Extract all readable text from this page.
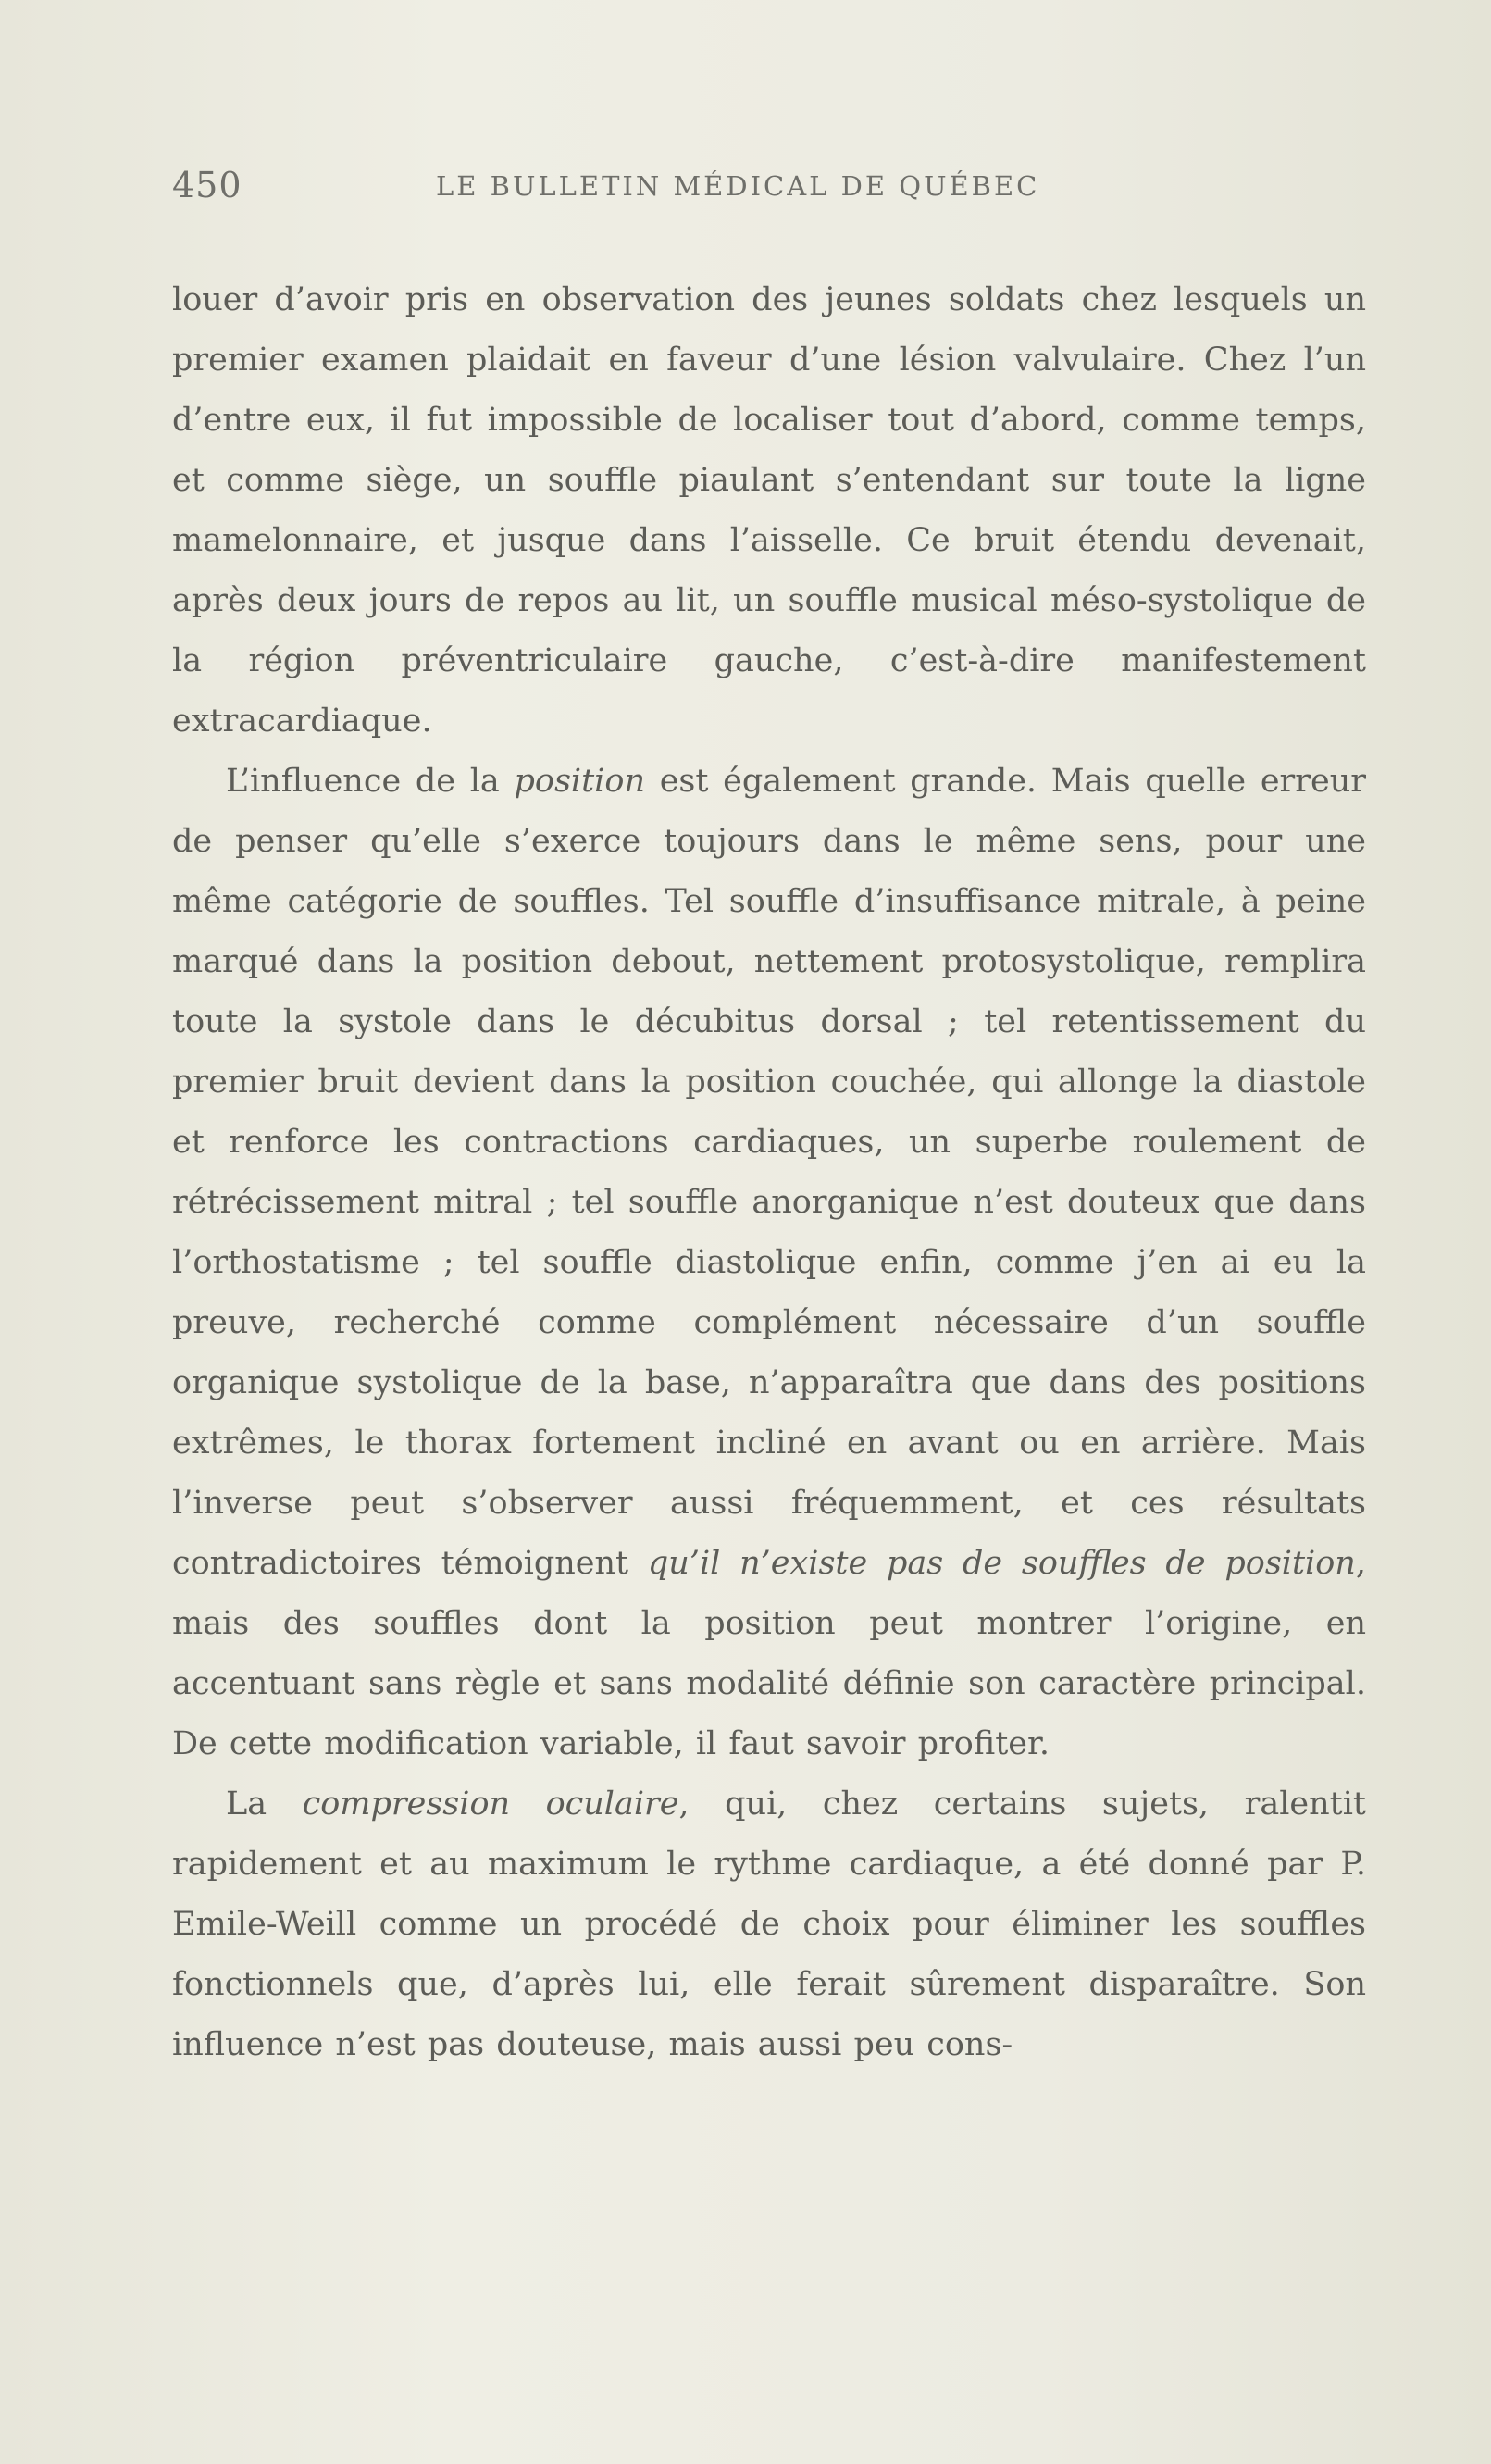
450	LE BULLETIN MÉDICAL DE QUÉBEC

louer d’avoir pris en observation des jeunes soldats chez lesquels un premier examen plaidait en faveur d’une lésion valvulaire. Chez l’un d’entre eux, il fut impossible de localiser tout d’abord, comme temps, et comme siège, un souffle piaulant s’entendant sur toute la ligne mamelonnaire, et jusque dans l’aisselle. Ce bruit étendu devenait, après deux jours de repos au lit, un souffle musical méso-systolique de la région préventriculaire gauche, c’est-à-dire manifestement extracardiaque.

L’influence de la position est également grande. Mais quelle erreur de penser qu’elle s’exerce toujours dans le même sens, pour une même catégorie de souffles. Tel souffle d’insuffisance mitrale, à peine marqué dans la position debout, nettement protosystolique, remplira toute la systole dans le décubitus dorsal ; tel retentissement du premier bruit devient dans la position couchée, qui allonge la diastole et renforce les contractions cardiaques, un superbe roulement de rétrécissement mitral ; tel souffle anorganique n’est douteux que dans l’orthostatisme ; tel souffle diastolique enfin, comme j’en ai eu la preuve, recherché comme complément nécessaire d’un souffle organique systolique de la base, n’apparaîtra que dans des positions extrêmes, le thorax fortement incliné en avant ou en arrière. Mais l’inverse peut s’observer aussi fréquemment, et ces résultats contradictoires témoignent qu’il n’existe pas de souffles de position, mais des souffles dont la position peut montrer l’origine, en accentuant sans règle et sans modalité définie son caractère principal. De cette modification variable, il faut savoir profiter.

La compression oculaire, qui, chez certains sujets, ralentit rapidement et au maximum le rythme cardiaque, a été donné par P. Emile-Weill comme un procédé de choix pour éliminer les souffles fonctionnels que, d’après lui, elle ferait sûrement disparaître. Son influence n’est pas douteuse, mais aussi peu cons-
